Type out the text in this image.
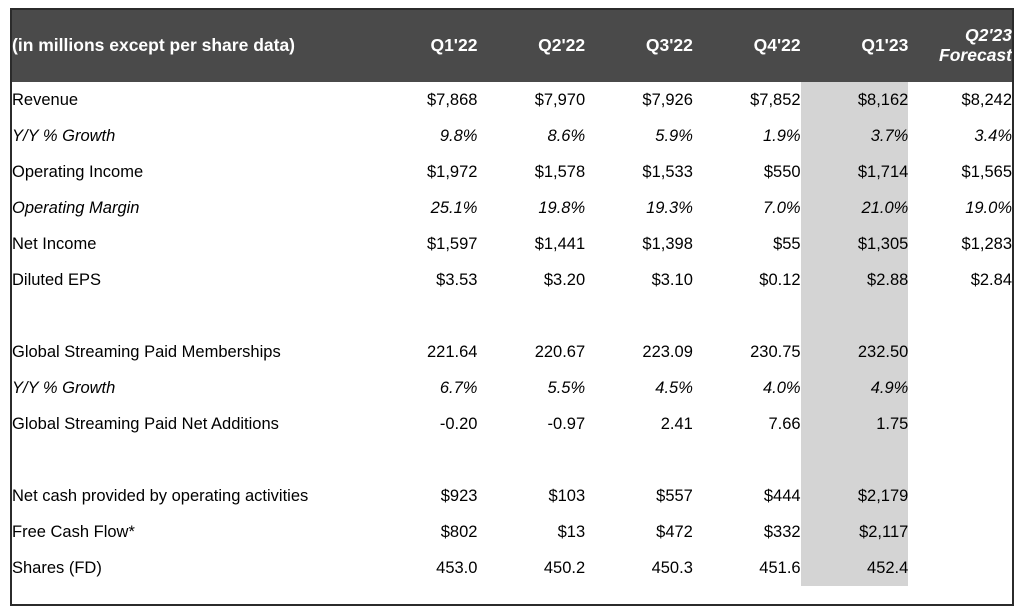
(in millions except per share data)	Q1'22	Q2'22	Q3'22	Q4'22	Q1'23	Q2'23
Forecast

Revenue	$7,868	$7,970	$7,926	$7,852	$8,162	$8,242
Y/Y % Growth	9.8%	8.6%	5.9%	1.9%	3.7%	3.4%
Operating Income	$1,972	$1,578	$1,533	$550	$1,714	$1,565
Operating Margin	25.1%	19.8%	19.3%	7.0%	21.0%	19.0%
Net Income	$1,597	$1,441	$1,398	$55	$1,305	$1,283
Diluted EPS	$3.53	$3.20	$3.10	$0.12	$2.88	$2.84

Global Streaming Paid Memberships	221.64	220.67	223.09	230.75	232.50	
Y/Y % Growth	6.7%	5.5%	4.5%	4.0%	4.9%	
Global Streaming Paid Net Additions	-0.20	-0.97	2.41	7.66	1.75	

Net cash provided by operating activities	$923	$103	$557	$444	$2,179	
Free Cash Flow*	$802	$13	$472	$332	$2,117	
Shares (FD)	453.0	450.2	450.3	451.6	452.4	
